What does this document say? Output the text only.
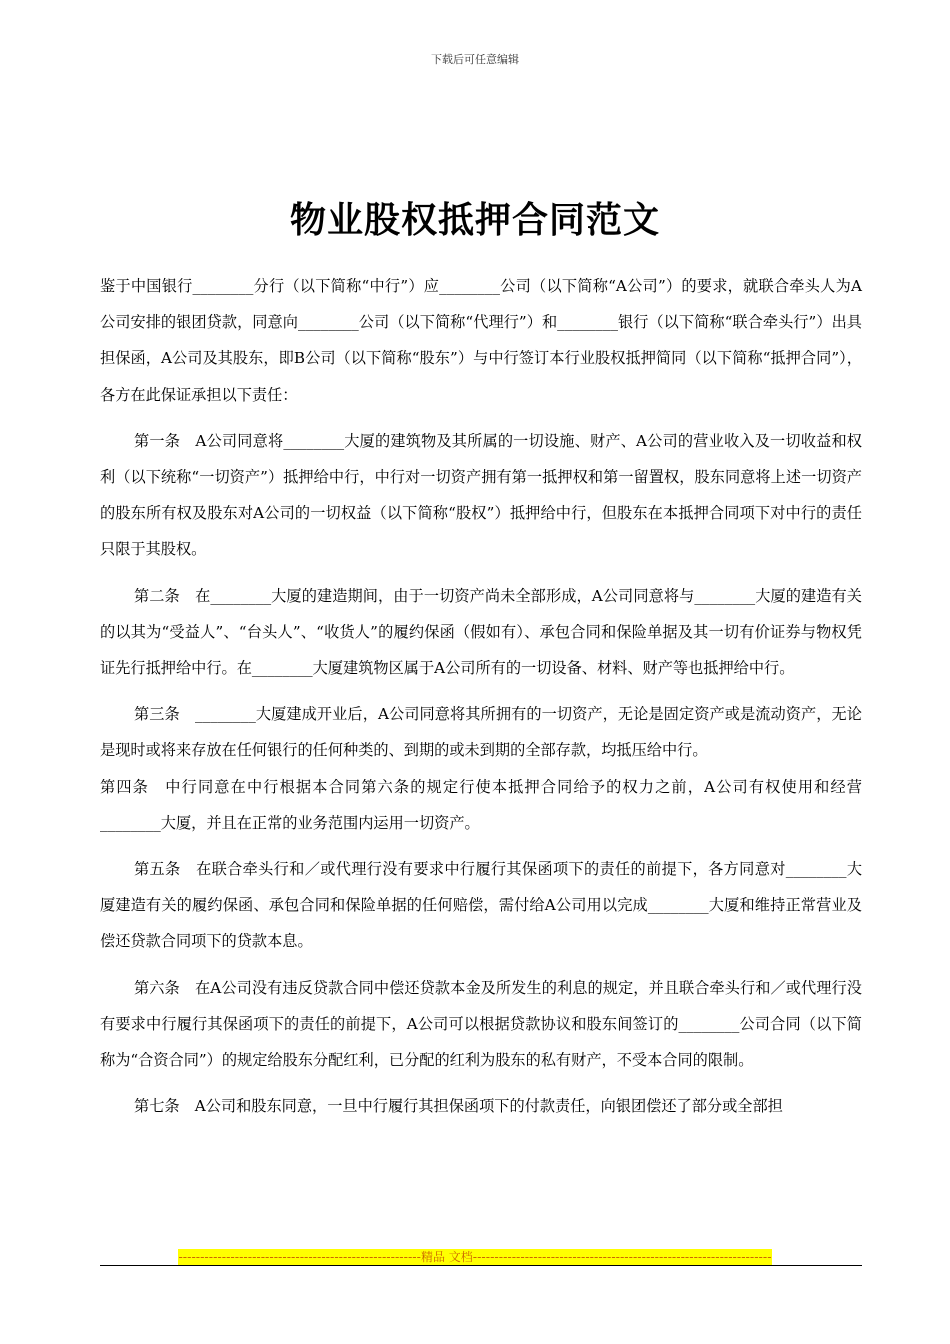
下载后可任意编辑
物业股权抵押合同范文

鉴于中国银行________分行（以下简称“中行”）应________公司（以下简称“A公司”）的要求，就联合牵头人为A公司安排的银团贷款，同意向________公司（以下简称“代理行”）和________银行（以下简称“联合牵头行”）出具担保函，A公司及其股东，即B公司（以下简称“股东”）与中行签订本行业股权抵押简同（以下简称“抵押合同”），各方在此保证承担以下责任：

第一条　A公司同意将________大厦的建筑物及其所属的一切设施、财产、A公司的营业收入及一切收益和权利（以下统称“一切资产”）抵押给中行，中行对一切资产拥有第一抵押权和第一留置权，股东同意将上述一切资产的股东所有权及股东对A公司的一切权益（以下简称“股权”）抵押给中行，但股东在本抵押合同项下对中行的责任只限于其股权。

第二条　在________大厦的建造期间，由于一切资产尚未全部形成，A公司同意将与________大厦的建造有关的以其为“受益人”、“台头人”、“收货人”的履约保函（假如有）、承包合同和保险单据及其一切有价证券与物权凭证先行抵押给中行。在________大厦建筑物区属于A公司所有的一切设备、材料、财产等也抵押给中行。

第三条　________大厦建成开业后，A公司同意将其所拥有的一切资产，无论是固定资产或是流动资产，无论是现时或将来存放在任何银行的任何种类的、到期的或未到期的全部存款，均抵压给中行。

第四条　中行同意在中行根据本合同第六条的规定行使本抵押合同给予的权力之前，A公司有权使用和经营________大厦，并且在正常的业务范围内运用一切资产。

第五条　在联合牵头行和／或代理行没有要求中行履行其保函项下的责任的前提下，各方同意对________大厦建造有关的履约保函、承包合同和保险单据的任何赔偿，需付给A公司用以完成________大厦和维持正常营业及偿还贷款合同项下的贷款本息。

第六条　在A公司没有违反贷款合同中偿还贷款本金及所发生的利息的规定，并且联合牵头行和／或代理行没有要求中行履行其保函项下的责任的前提下，A公司可以根据贷款协议和股东间签订的________公司合同（以下简称为“合资合同”）的规定给股东分配红利，已分配的红利为股东的私有财产，不受本合同的限制。

第七条　A公司和股东同意，一旦中行履行其担保函项下的付款责任，向银团偿还了部分或全部担

--------------------------------------------------------精品 文档---------------------------------------------------------------------
